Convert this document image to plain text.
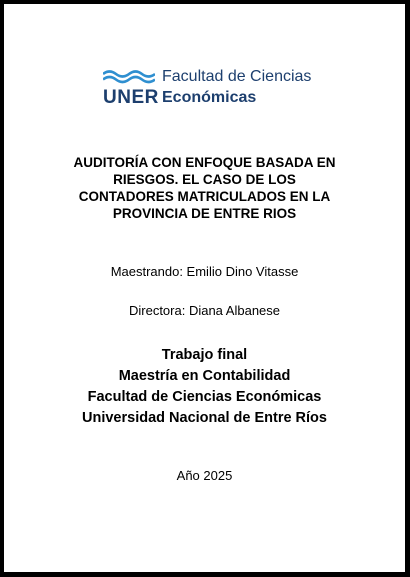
UNER
Facultad de Ciencias
Económicas
AUDITORÍA CON ENFOQUE BASADA EN
RIESGOS. EL CASO DE LOS
CONTADORES MATRICULADOS EN LA
PROVINCIA DE ENTRE RIOS
Maestrando: Emilio Dino Vitasse
Directora: Diana Albanese
Trabajo final
Maestría en Contabilidad
Facultad de Ciencias Económicas
Universidad Nacional de Entre Ríos
Año 2025
